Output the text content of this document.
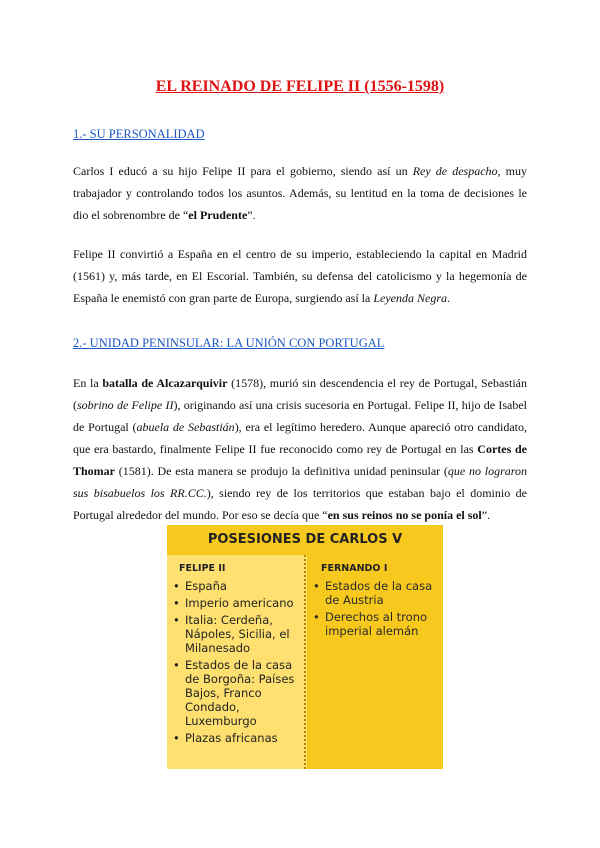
EL REINADO DE FELIPE II (1556-1598)
1.- SU PERSONALIDAD

Carlos I educó a su hijo Felipe II para el gobierno, siendo así un Rey de despacho, muy trabajador y controlando todos los asuntos. Además, su lentitud en la toma de decisiones le dio el sobrenombre de “el Prudente”.

Felipe II convirtió a España en el centro de su imperio, estableciendo la capital en Madrid (1561) y, más tarde, en El Escorial. También, su defensa del catolicismo y la hegemonía de España le enemistó con gran parte de Europa, surgiendo así la Leyenda Negra.

2.- UNIDAD PENINSULAR: LA UNIÓN CON PORTUGAL

En la batalla de Alcazarquivir (1578), murió sin descendencia el rey de Portugal, Sebastián (sobrino de Felipe II), originando así una crisis sucesoria en Portugal. Felipe II, hijo de Isabel de Portugal (abuela de Sebastián), era el legítimo heredero. Aunque apareció otro candidato, que era bastardo, finalmente Felipe II fue reconocido como rey de Portugal en las Cortes de Thomar (1581). De esta manera se produjo la definitiva unidad peninsular (que no lograron sus bisabuelos los RR.CC.), siendo rey de los territorios que estaban bajo el dominio de Portugal alrededor del mundo. Por eso se decía que “en sus reinos no se ponía el sol”.

POSESIONES DE CARLOS V
FELIPE II
• España
• Imperio americano
• Italia: Cerdeña, Nápoles, Sicilia, el Milanesado
• Estados de la casa de Borgoña: Países Bajos, Franco Condado, Luxemburgo
• Plazas africanas
FERNANDO I
• Estados de la casa de Austria
• Derechos al trono imperial alemán
